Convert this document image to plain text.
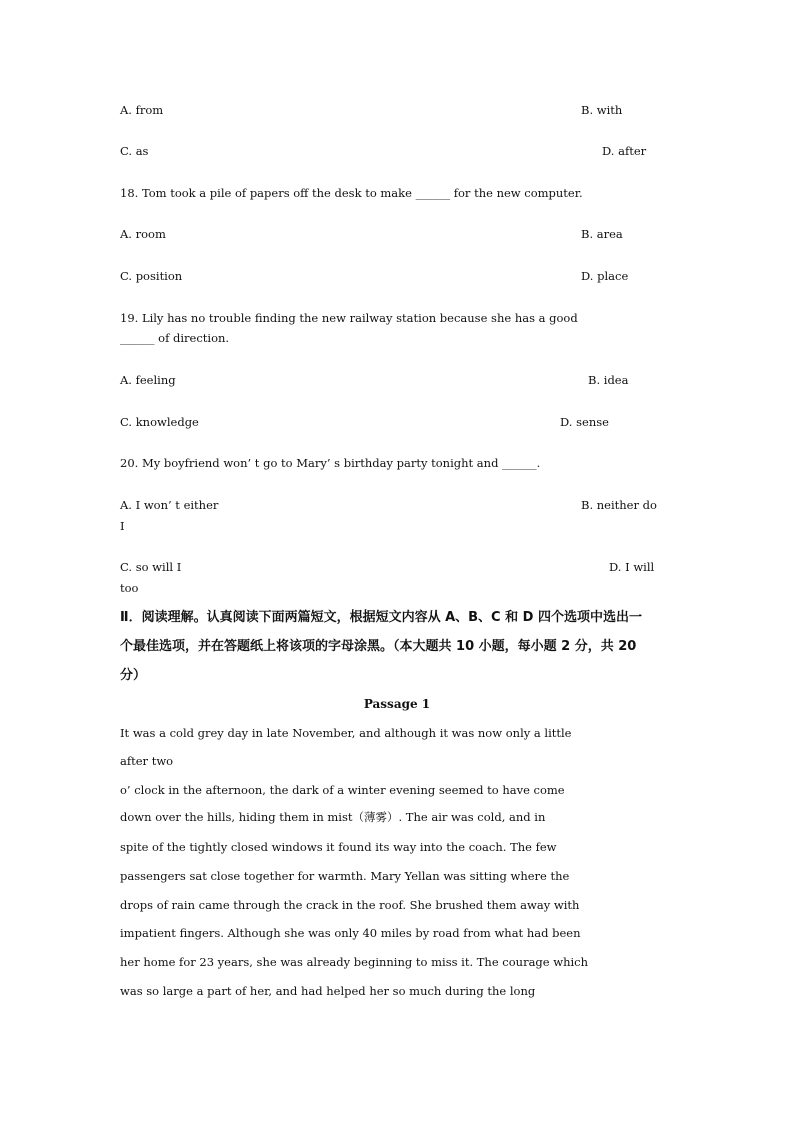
A. from	B. with
C. as	D. after
18. Tom took a pile of papers off the desk to make ______ for the new computer.
A. room	B. area
C. position	D. place
19. Lily has no trouble finding the new railway station because she has a good
______ of direction.
A. feeling	B. idea
C. knowledge	D. sense
20. My boyfriend won’ t go to Mary’ s birthday party tonight and ______.
A. I won’ t either	B. neither do
I
C. so will I	D. I will
too
Ⅱ．阅读理解。认真阅读下面两篇短文，根据短文内容从 A、B、C 和 D 四个选项中选出一
个最佳选项，并在答题纸上将该项的字母涂黑。（本大题共 10 小题，每小题 2 分，共 20
分）
Passage 1
It was a cold grey day in late November, and although it was now only a little
after two
o’ clock in the afternoon, the dark of a winter evening seemed to have come
down over the hills, hiding them in mist（薄雾）. The air was cold, and in
spite of the tightly closed windows it found its way into the coach. The few
passengers sat close together for warmth. Mary Yellan was sitting where the
drops of rain came through the crack in the roof. She brushed them away with
impatient fingers. Although she was only 40 miles by road from what had been
her home for 23 years, she was already beginning to miss it. The courage which
was so large a part of her, and had helped her so much during the long
